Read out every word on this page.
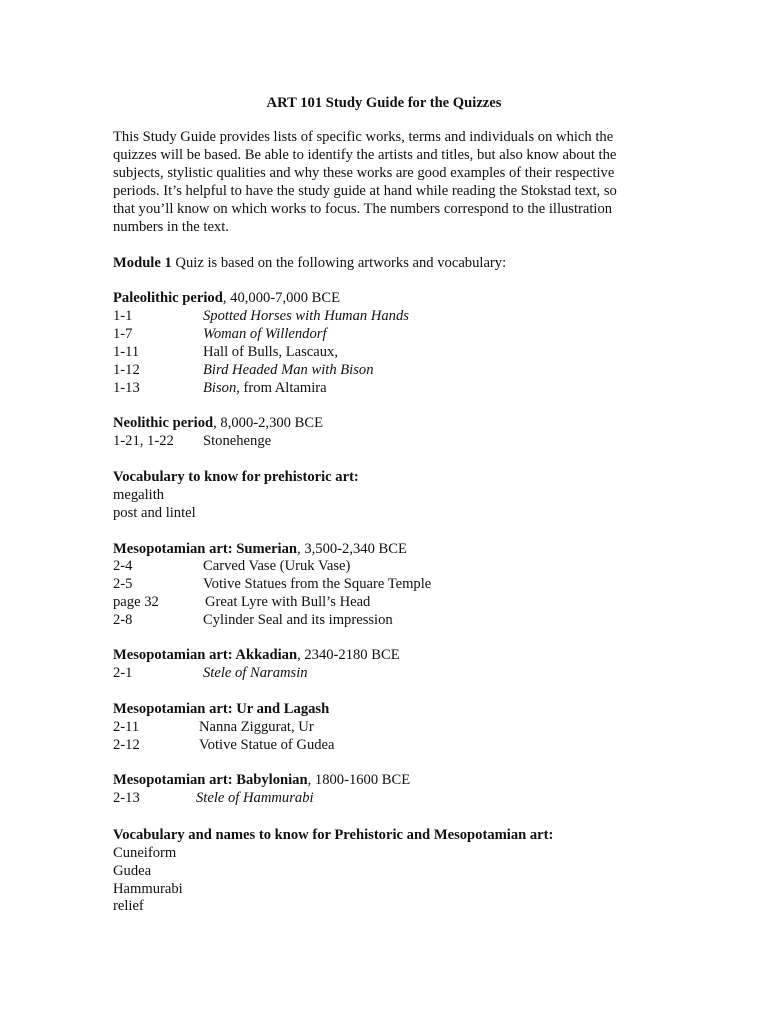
ART 101 Study Guide for the Quizzes
This Study Guide provides lists of specific works, terms and individuals on which the
quizzes will be based. Be able to identify the artists and titles, but also know about the
subjects, stylistic qualities and why these works are good examples of their respective
periods. It’s helpful to have the study guide at hand while reading the Stokstad text, so
that you’ll know on which works to focus. The numbers correspond to the illustration
numbers in the text.
Module 1 Quiz is based on the following artworks and vocabulary:
Paleolithic period, 40,000-7,000 BCE
1-1	Spotted Horses with Human Hands
1-7	Woman of Willendorf
1-11	Hall of Bulls, Lascaux,
1-12	Bird Headed Man with Bison
1-13	Bison, from Altamira
Neolithic period, 8,000-2,300 BCE
1-21, 1-22 Stonehenge
Vocabulary to know for prehistoric art:
megalith
post and lintel
Mesopotamian art: Sumerian, 3,500-2,340 BCE
2-4	Carved Vase (Uruk Vase)
2-5	Votive Statues from the Square Temple
page 32	Great Lyre with Bull’s Head
2-8	Cylinder Seal and its impression
Mesopotamian art: Akkadian, 2340-2180 BCE
2-1	Stele of Naramsin
Mesopotamian art: Ur and Lagash
2-11	Nanna Ziggurat, Ur
2-12	Votive Statue of Gudea
Mesopotamian art: Babylonian, 1800-1600 BCE
2-13	Stele of Hammurabi
Vocabulary and names to know for Prehistoric and Mesopotamian art:
Cuneiform
Gudea
Hammurabi
relief
